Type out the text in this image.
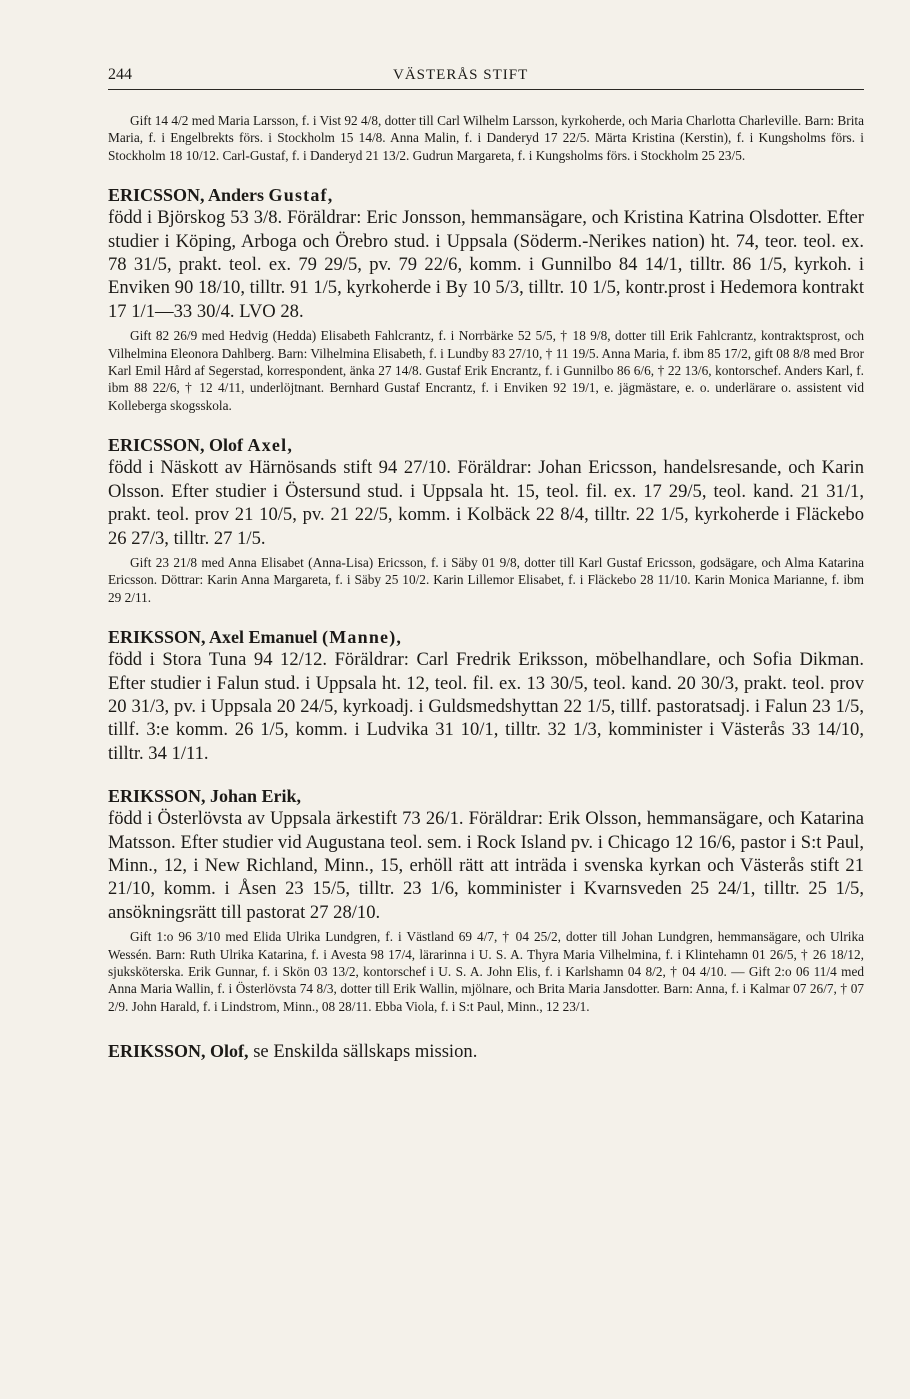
244	VÄSTERÅS STIFT

Gift 14 4/2 med Maria Larsson, f. i Vist 92 4/8, dotter till Carl Wilhelm Larsson, kyrkoherde, och Maria Charlotta Charleville. Barn: Brita Maria, f. i Engelbrekts förs. i Stockholm 15 14/8. Anna Malin, f. i Danderyd 17 22/5. Märta Kristina (Kerstin), f. i Kungsholms förs. i Stockholm 18 10/12. Carl-Gustaf, f. i Danderyd 21 13/2. Gudrun Margareta, f. i Kungsholms förs. i Stockholm 25 23/5.

ERICSSON, Anders Gustaf,

född i Björskog 53 3/8. Föräldrar: Eric Jonsson, hemmansägare, och Kristina Katrina Olsdotter. Efter studier i Köping, Arboga och Örebro stud. i Uppsala (Söderm.-Nerikes nation) ht. 74, teor. teol. ex. 78 31/5, prakt. teol. ex. 79 29/5, pv. 79 22/6, komm. i Gunnilbo 84 14/1, tilltr. 86 1/5, kyrkoh. i Enviken 90 18/10, tilltr. 91 1/5, kyrkoherde i By 10 5/3, tilltr. 10 1/5, kontr.prost i Hedemora kontrakt 17 1/1—33 30/4. LVO 28.

Gift 82 26/9 med Hedvig (Hedda) Elisabeth Fahlcrantz, f. i Norrbärke 52 5/5, † 18 9/8, dotter till Erik Fahlcrantz, kontraktsprost, och Vilhelmina Eleonora Dahlberg. Barn: Vilhelmina Elisabeth, f. i Lundby 83 27/10, † 11 19/5. Anna Maria, f. ibm 85 17/2, gift 08 8/8 med Bror Karl Emil Hård af Segerstad, korrespondent, änka 27 14/8. Gustaf Erik Encrantz, f. i Gunnilbo 86 6/6, † 22 13/6, kontorschef. Anders Karl, f. ibm 88 22/6, † 12 4/11, underlöjtnant. Bernhard Gustaf Encrantz, f. i Enviken 92 19/1, e. jägmästare, e. o. underlärare o. assistent vid Kolleberga skogsskola.

ERICSSON, Olof Axel,

född i Näskott av Härnösands stift 94 27/10. Föräldrar: Johan Ericsson, handelsresande, och Karin Olsson. Efter studier i Östersund stud. i Uppsala ht. 15, teol. fil. ex. 17 29/5, teol. kand. 21 31/1, prakt. teol. prov 21 10/5, pv. 21 22/5, komm. i Kolbäck 22 8/4, tilltr. 22 1/5, kyrkoherde i Fläckebo 26 27/3, tilltr. 27 1/5.

Gift 23 21/8 med Anna Elisabet (Anna-Lisa) Ericsson, f. i Säby 01 9/8, dotter till Karl Gustaf Ericsson, godsägare, och Alma Katarina Ericsson. Döttrar: Karin Anna Margareta, f. i Säby 25 10/2. Karin Lillemor Elisabet, f. i Fläckebo 28 11/10. Karin Monica Marianne, f. ibm 29 2/11.

ERIKSSON, Axel Emanuel (Manne),

född i Stora Tuna 94 12/12. Föräldrar: Carl Fredrik Eriksson, möbelhandlare, och Sofia Dikman. Efter studier i Falun stud. i Uppsala ht. 12, teol. fil. ex. 13 30/5, teol. kand. 20 30/3, prakt. teol. prov 20 31/3, pv. i Uppsala 20 24/5, kyrkoadj. i Guldsmedshyttan 22 1/5, tillf. pastoratsadj. i Falun 23 1/5, tillf. 3:e komm. 26 1/5, komm. i Ludvika 31 10/1, tilltr. 32 1/3, komminister i Västerås 33 14/10, tilltr. 34 1/11.

ERIKSSON, Johan Erik,

född i Österlövsta av Uppsala ärkestift 73 26/1. Föräldrar: Erik Olsson, hemmansägare, och Katarina Matsson. Efter studier vid Augustana teol. sem. i Rock Island pv. i Chicago 12 16/6, pastor i S:t Paul, Minn., 12, i New Richland, Minn., 15, erhöll rätt att inträda i svenska kyrkan och Västerås stift 21 21/10, komm. i Åsen 23 15/5, tilltr. 23 1/6, komminister i Kvarnsveden 25 24/1, tilltr. 25 1/5, ansökningsrätt till pastorat 27 28/10.

Gift 1:o 96 3/10 med Elida Ulrika Lundgren, f. i Västland 69 4/7, † 04 25/2, dotter till Johan Lundgren, hemmansägare, och Ulrika Wessén. Barn: Ruth Ulrika Katarina, f. i Avesta 98 17/4, lärarinna i U. S. A. Thyra Maria Vilhelmina, f. i Klintehamn 01 26/5, † 26 18/12, sjuksköterska. Erik Gunnar, f. i Skön 03 13/2, kontorschef i U. S. A. John Elis, f. i Karlshamn 04 8/2, † 04 4/10. — Gift 2:o 06 11/4 med Anna Maria Wallin, f. i Österlövsta 74 8/3, dotter till Erik Wallin, mjölnare, och Brita Maria Jansdotter. Barn: Anna, f. i Kalmar 07 26/7, † 07 2/9. John Harald, f. i Lindstrom, Minn., 08 28/11. Ebba Viola, f. i S:t Paul, Minn., 12 23/1.

ERIKSSON, Olof, se Enskilda sällskaps mission.
